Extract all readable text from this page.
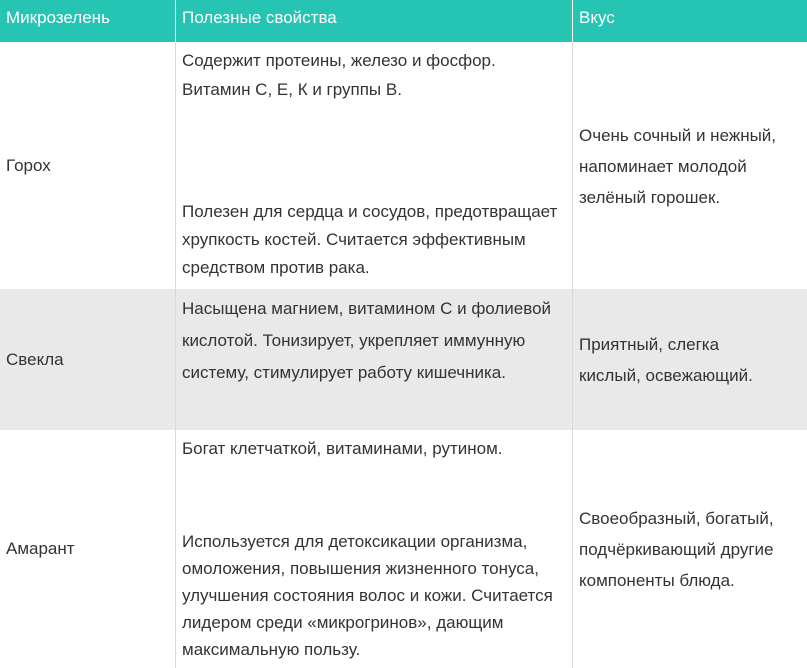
Микрозелень	Полезные свойства	Вкус
Горох

Содержит протеины, железо и фосфор. Витамин С, Е, К и группы В.

Полезен для сердца и сосудов, предотвращает хрупкость костей. Считается эффективным средством против рака.

Очень сочный и нежный, напоминает молодой зелёный горошек.
Свекла

Насыщена магнием, витамином С и фолиевой кислотой. Тонизирует, укрепляет иммунную систему, стимулирует работу кишечника.

Приятный, слегка кислый, освежающий.
Амарант

Богат клетчаткой, витаминами, рутином.

Используется для детоксикации организма, омоложения, повышения жизненного тонуса, улучшения состояния волос и кожи. Считается лидером среди «микрогринов», дающим максимальную пользу.

Своеобразный, богатый, подчёркивающий другие компоненты блюда.
